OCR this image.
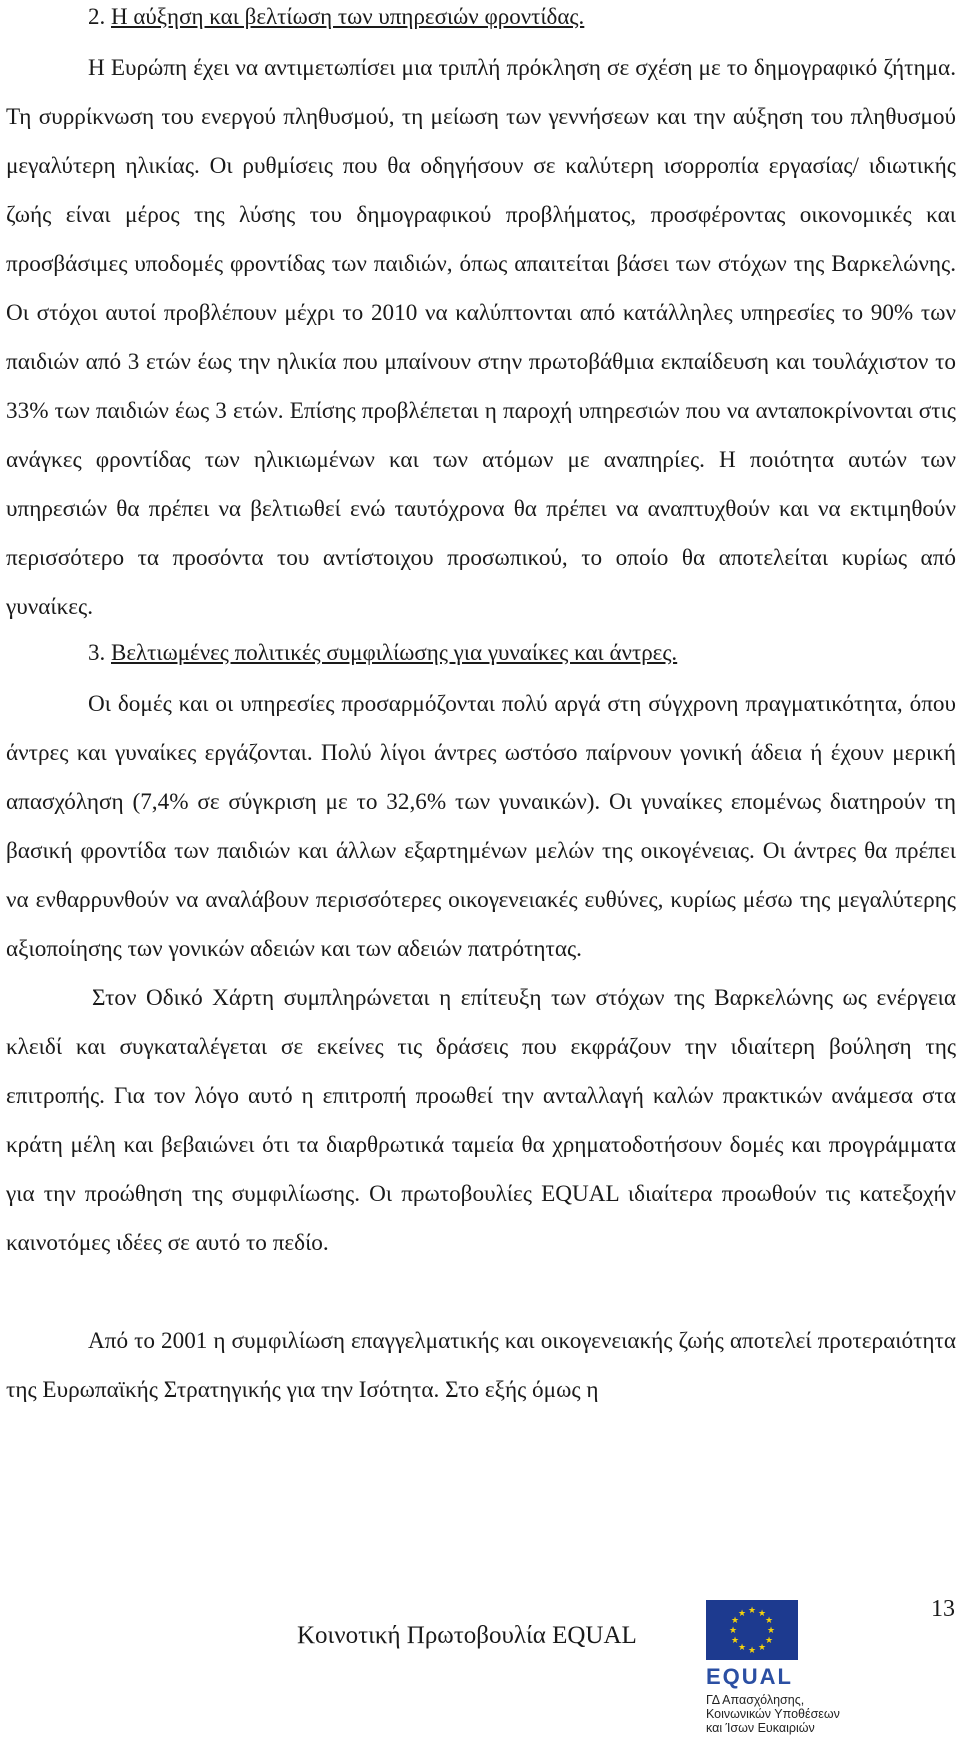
2. Η αύξηση και βελτίωση των υπηρεσιών φροντίδας.

Η Ευρώπη έχει να αντιμετωπίσει μια τριπλή πρόκληση σε σχέση με το δημογραφικό ζήτημα. Τη συρρίκνωση του ενεργού πληθυσμού, τη μείωση των γεννήσεων και την αύξηση του πληθυσμού μεγαλύτερη ηλικίας. Οι ρυθμίσεις που θα οδηγήσουν σε καλύτερη ισορροπία εργασίας/ ιδιωτικής ζωής είναι μέρος της λύσης του δημογραφικού προβλήματος, προσφέροντας οικονομικές και προσβάσιμες υποδομές φροντίδας των παιδιών, όπως απαιτείται βάσει των στόχων της Βαρκελώνης. Οι στόχοι αυτοί προβλέπουν μέχρι το 2010 να καλύπτονται από κατάλληλες υπηρεσίες το 90% των παιδιών από 3 ετών έως την ηλικία που μπαίνουν στην πρωτοβάθμια εκπαίδευση και τουλάχιστον το 33% των παιδιών έως 3 ετών. Επίσης προβλέπεται η παροχή υπηρεσιών που να ανταποκρίνονται στις ανάγκες φροντίδας των ηλικιωμένων και των ατόμων με αναπηρίες. Η ποιότητα αυτών των υπηρεσιών θα πρέπει να βελτιωθεί ενώ ταυτόχρονα θα πρέπει να αναπτυχθούν και να εκτιμηθούν περισσότερο τα προσόντα του αντίστοιχου προσωπικού, το οποίο θα αποτελείται κυρίως από γυναίκες.

3. Βελτιωμένες πολιτικές συμφιλίωσης για γυναίκες και άντρες.

Οι δομές και οι υπηρεσίες προσαρμόζονται πολύ αργά στη σύγχρονη πραγματικότητα, όπου άντρες και γυναίκες εργάζονται. Πολύ λίγοι άντρες ωστόσο παίρνουν γονική άδεια ή έχουν μερική απασχόληση (7,4% σε σύγκριση με το 32,6% των γυναικών). Οι γυναίκες επομένως διατηρούν τη βασική φροντίδα των παιδιών και άλλων εξαρτημένων μελών της οικογένειας. Οι άντρες θα πρέπει να ενθαρρυνθούν να αναλάβουν περισσότερες οικογενειακές ευθύνες, κυρίως μέσω της μεγαλύτερης αξιοποίησης των γονικών αδειών και των αδειών πατρότητας.

Στον Οδικό Χάρτη συμπληρώνεται η επίτευξη των στόχων της Βαρκελώνης ως ενέργεια κλειδί και συγκαταλέγεται σε εκείνες τις δράσεις που εκφράζουν την ιδιαίτερη βούληση της επιτροπής. Για τον λόγο αυτό η επιτροπή προωθεί την ανταλλαγή καλών πρακτικών ανάμεσα στα κράτη μέλη και βεβαιώνει ότι τα διαρθρωτικά ταμεία θα χρηματοδοτήσουν δομές και προγράμματα για την προώθηση της συμφιλίωσης. Οι πρωτοβουλίες EQUAL ιδιαίτερα προωθούν τις κατεξοχήν καινοτόμες ιδέες σε αυτό το πεδίο.

Από το 2001 η συμφιλίωση επαγγελματικής και οικογενειακής ζωής αποτελεί προτεραιότητα της Ευρωπαϊκής Στρατηγικής για την Ισότητα. Στο εξής όμως η

Κοινοτική Πρωτοβουλία EQUAL
13
★ ★
★
★
★
★
★
★
★
★
★
★
EQUAL
ΓΔ Απασχόλησης,
Κοινωνικών Υποθέσεων
και Ίσων Ευκαιριών
